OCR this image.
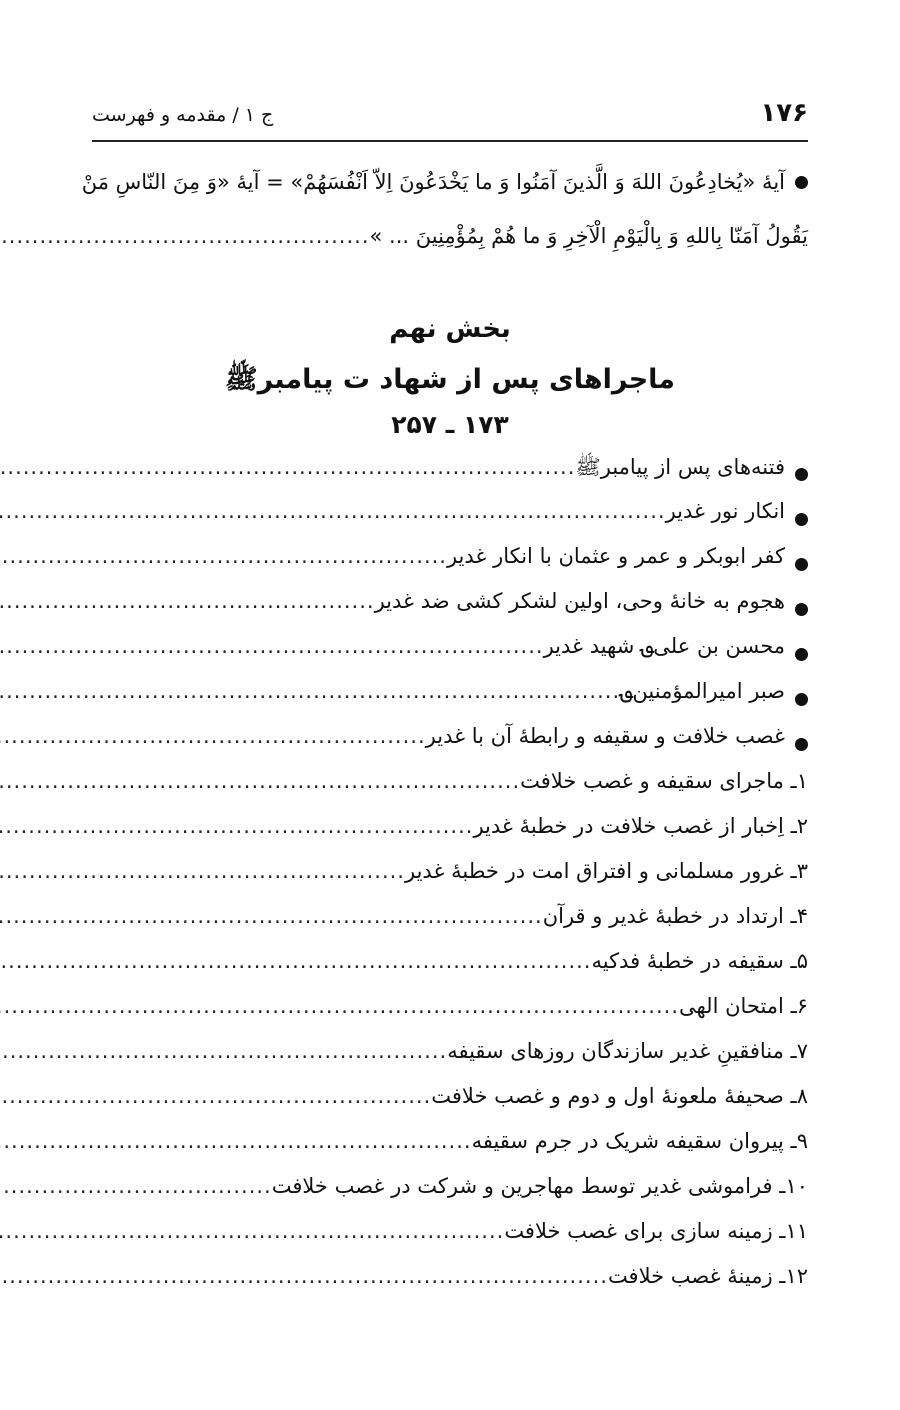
۱۷۶
ج ۱ / مقدمه و فهرست
آیهٔ «یُخادِعُونَ اللهَ وَ الَّذینَ آمَنُوا وَ ما یَخْدَعُونَ اِلاّ اَنْفُسَهُمْ» = آیهٔ «وَ مِنَ النّاسِ مَنْ
یَقُولُ آمَنّا بِاللهِ وَ بِالْیَوْمِ الْآخِرِ وَ ما هُمْ بِمُؤْمِنِینَ ... »
.....
بخش نهم
ماجراهای پس از شهاد ت پیامبرﷺ
۱۷۳ ـ ۲۵۷
فتنه‌های پس از پیامبرﷺ
.....
انکار نور غدیر
.....
کفر ابوبکر و عمر و عثمان با انکار غدیر
.....
هجوم به خانهٔ وحی، اولین لشکر کشی ضد غدیر
.....
محسن بن علی؈ شهید غدیر
.....
صبر امیرالمؤمنین؈
.....
غصب خلافت و سقیفه و رابطهٔ آن با غدیر
.....
۱ـ ماجرای سقیفه و غصب خلافت
.....
۲ـ اِخبار از غصب خلافت در خطبهٔ غدیر
.....
۳ـ غرور مسلمانی و افتراق امت در خطبهٔ غدیر
.....
۴ـ ارتداد در خطبهٔ غدیر و قرآن
.....
۵ـ سقیفه در خطبهٔ فدکیه
.....
۶ـ امتحان الهی
.....
۷ـ منافقینِ غدیر سازندگان روزهای سقیفه
.....
۸ـ صحیفهٔ ملعونهٔ اول و دوم و غصب خلافت
.....
۹ـ پیروان سقیفه شریک در جرم سقیفه
.....
۱۰ـ فراموشی غدیر توسط مهاجرین و شرکت در غصب خلافت
.....
۱۱ـ زمینه سازی برای غصب خلافت
.....
۱۲ـ زمینهٔ غصب خلافت
.....
